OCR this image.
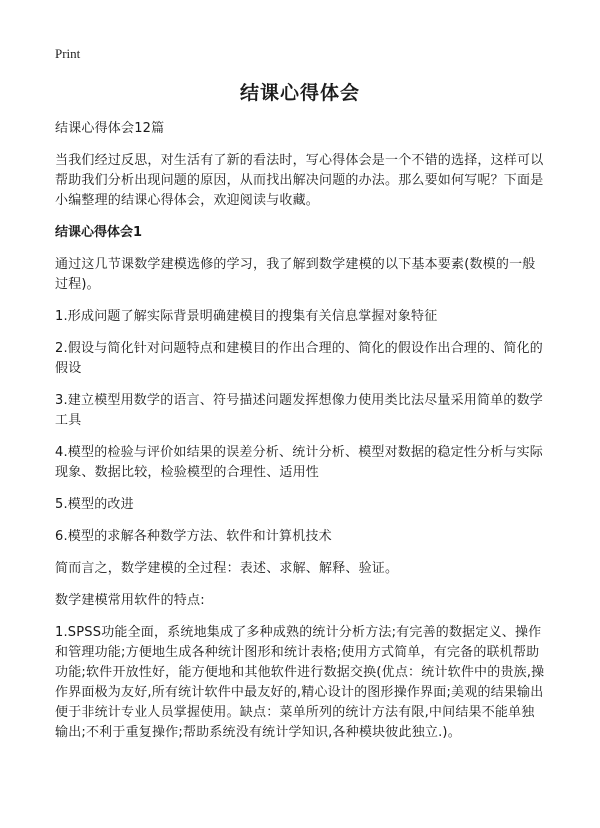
Print
结课心得体会
结课心得体会12篇
当我们经过反思，对生活有了新的看法时，写心得体会是一个不错的选择，这样可以帮助我们分析出现问题的原因，从而找出解决问题的办法。那么要如何写呢？下面是小编整理的结课心得体会，欢迎阅读与收藏。
结课心得体会1
通过这几节课数学建模选修的学习，我了解到数学建模的以下基本要素(数模的一般过程)。
1.形成问题了解实际背景明确建模目的搜集有关信息掌握对象特征
2.假设与简化针对问题特点和建模目的作出合理的、简化的假设作出合理的、简化的假设
3.建立模型用数学的语言、符号描述问题发挥想像力使用类比法尽量采用简单的数学工具
4.模型的检验与评价如结果的误差分析、统计分析、模型对数据的稳定性分析与实际现象、数据比较，检验模型的合理性、适用性
5.模型的改进
6.模型的求解各种数学方法、软件和计算机技术
简而言之，数学建模的全过程：表述、求解、解释、验证。
数学建模常用软件的特点:
1.SPSS功能全面，系统地集成了多种成熟的统计分析方法;有完善的数据定义、操作和管理功能;方便地生成各种统计图形和统计表格;使用方式简单，有完备的联机帮助功能;软件开放性好，能方便地和其他软件进行数据交换(优点：统计软件中的贵族,操作界面极为友好,所有统计软件中最友好的,精心设计的图形操作界面;美观的结果输出便于非统计专业人员掌握使用。缺点：菜单所列的统计方法有限,中间结果不能单独输出;不利于重复操作;帮助系统没有统计学知识,各种模块彼此独立.)。
